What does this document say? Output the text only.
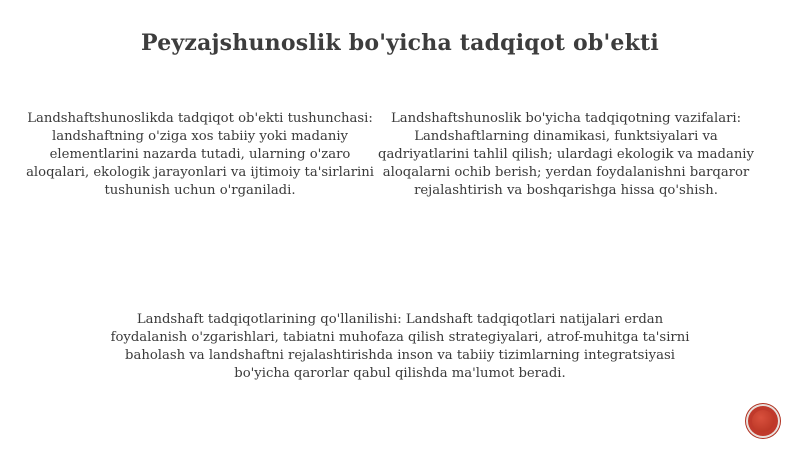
Peyzajshunoslik bo'yicha tadqiqot ob'ekti
Landshaftshunoslikda tadqiqot ob'ekti tushunchasi: landshaftning o'ziga xos tabiiy yoki madaniy elementlarini nazarda tutadi, ularning o'zaro aloqalari, ekologik jarayonlari va ijtimoiy ta'sirlarini tushunish uchun o'rganiladi.
Landshaftshunoslik bo'yicha tadqiqotning vazifalari: Landshaftlarning dinamikasi, funktsiyalari va qadriyatlarini tahlil qilish; ulardagi ekologik va madaniy aloqalarni ochib berish; yerdan foydalanishni barqaror rejalashtirish va boshqarishga hissa qo'shish.
Landshaft tadqiqotlarining qo'llanilishi: Landshaft tadqiqotlari natijalari erdan foydalanish o'zgarishlari, tabiatni muhofaza qilish strategiyalari, atrof-muhitga ta'sirni baholash va landshaftni rejalashtirishda inson va tabiiy tizimlarning integratsiyasi bo'yicha qarorlar qabul qilishda ma'lumot beradi.
